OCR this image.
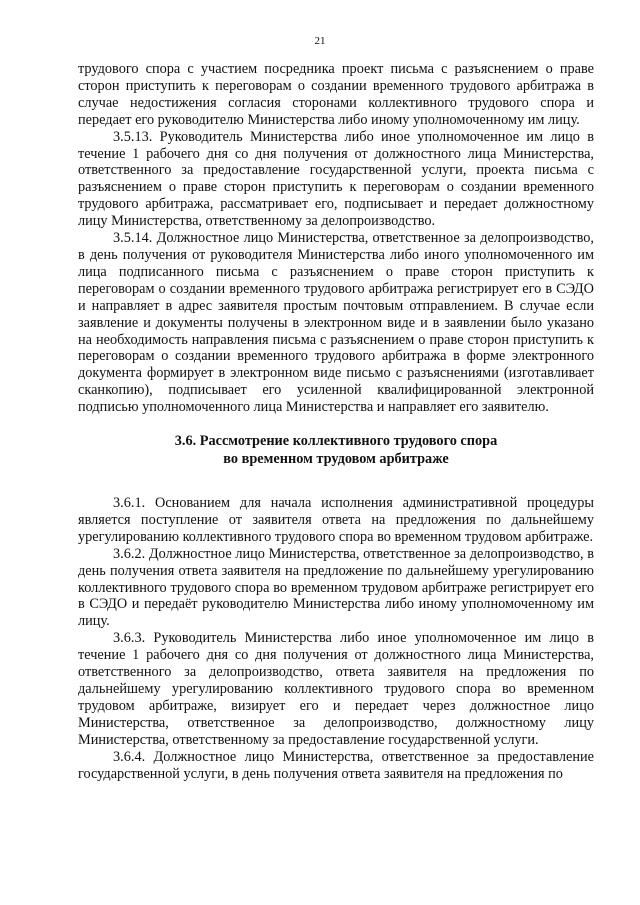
21

трудового спора с участием посредника проект письма с разъяснением о праве сторон приступить к переговорам о создании временного трудового арбитража в случае недостижения согласия сторонами коллективного трудового спора и передает его руководителю Министерства либо иному уполномоченному им лицу.

3.5.13. Руководитель Министерства либо иное уполномоченное им лицо в течение 1 рабочего дня со дня получения от должностного лица Министерства, ответственного за предоставление государственной услуги, проекта письма с разъяснением о праве сторон приступить к переговорам о создании временного трудового арбитража, рассматривает его, подписывает и передает должностному лицу Министерства, ответственному за делопроизводство.

3.5.14. Должностное лицо Министерства, ответственное за делопроизводство, в день получения от руководителя Министерства либо иного уполномоченного им лица подписанного письма с разъяснением о праве сторон приступить к переговорам о создании временного трудового арбитража регистрирует его в СЭДО и направляет в адрес заявителя простым почтовым отправлением. В случае если заявление и документы получены в электронном виде и в заявлении было указано на необходимость направления письма с разъяснением о праве сторон приступить к переговорам о создании временного трудового арбитража в форме электронного документа формирует в электронном виде письмо с разъяснениями (изготавливает сканкопию), подписывает его усиленной квалифицированной электронной подписью уполномоченного лица Министерства и направляет его заявителю.

3.6. Рассмотрение коллективного трудового спора
во временном трудовом арбитраже

3.6.1. Основанием для начала исполнения административной процедуры является поступление от заявителя ответа на предложения по дальнейшему урегулированию коллективного трудового спора во временном трудовом арбитраже.

3.6.2. Должностное лицо Министерства, ответственное за делопроизводство, в день получения ответа заявителя на предложение по дальнейшему урегулированию коллективного трудового спора во временном трудовом арбитраже регистрирует его в СЭДО и передаёт руководителю Министерства либо иному уполномоченному им лицу.

3.6.3. Руководитель Министерства либо иное уполномоченное им лицо в течение 1 рабочего дня со дня получения от должностного лица Министерства, ответственного за делопроизводство, ответа заявителя на предложения по дальнейшему урегулированию коллективного трудового спора во временном трудовом арбитраже, визирует его и передает через должностное лицо Министерства, ответственное за делопроизводство, должностному лицу Министерства, ответственному за предоставление государственной услуги.

3.6.4. Должностное лицо Министерства, ответственное за предоставление государственной услуги, в день получения ответа заявителя на предложения по
